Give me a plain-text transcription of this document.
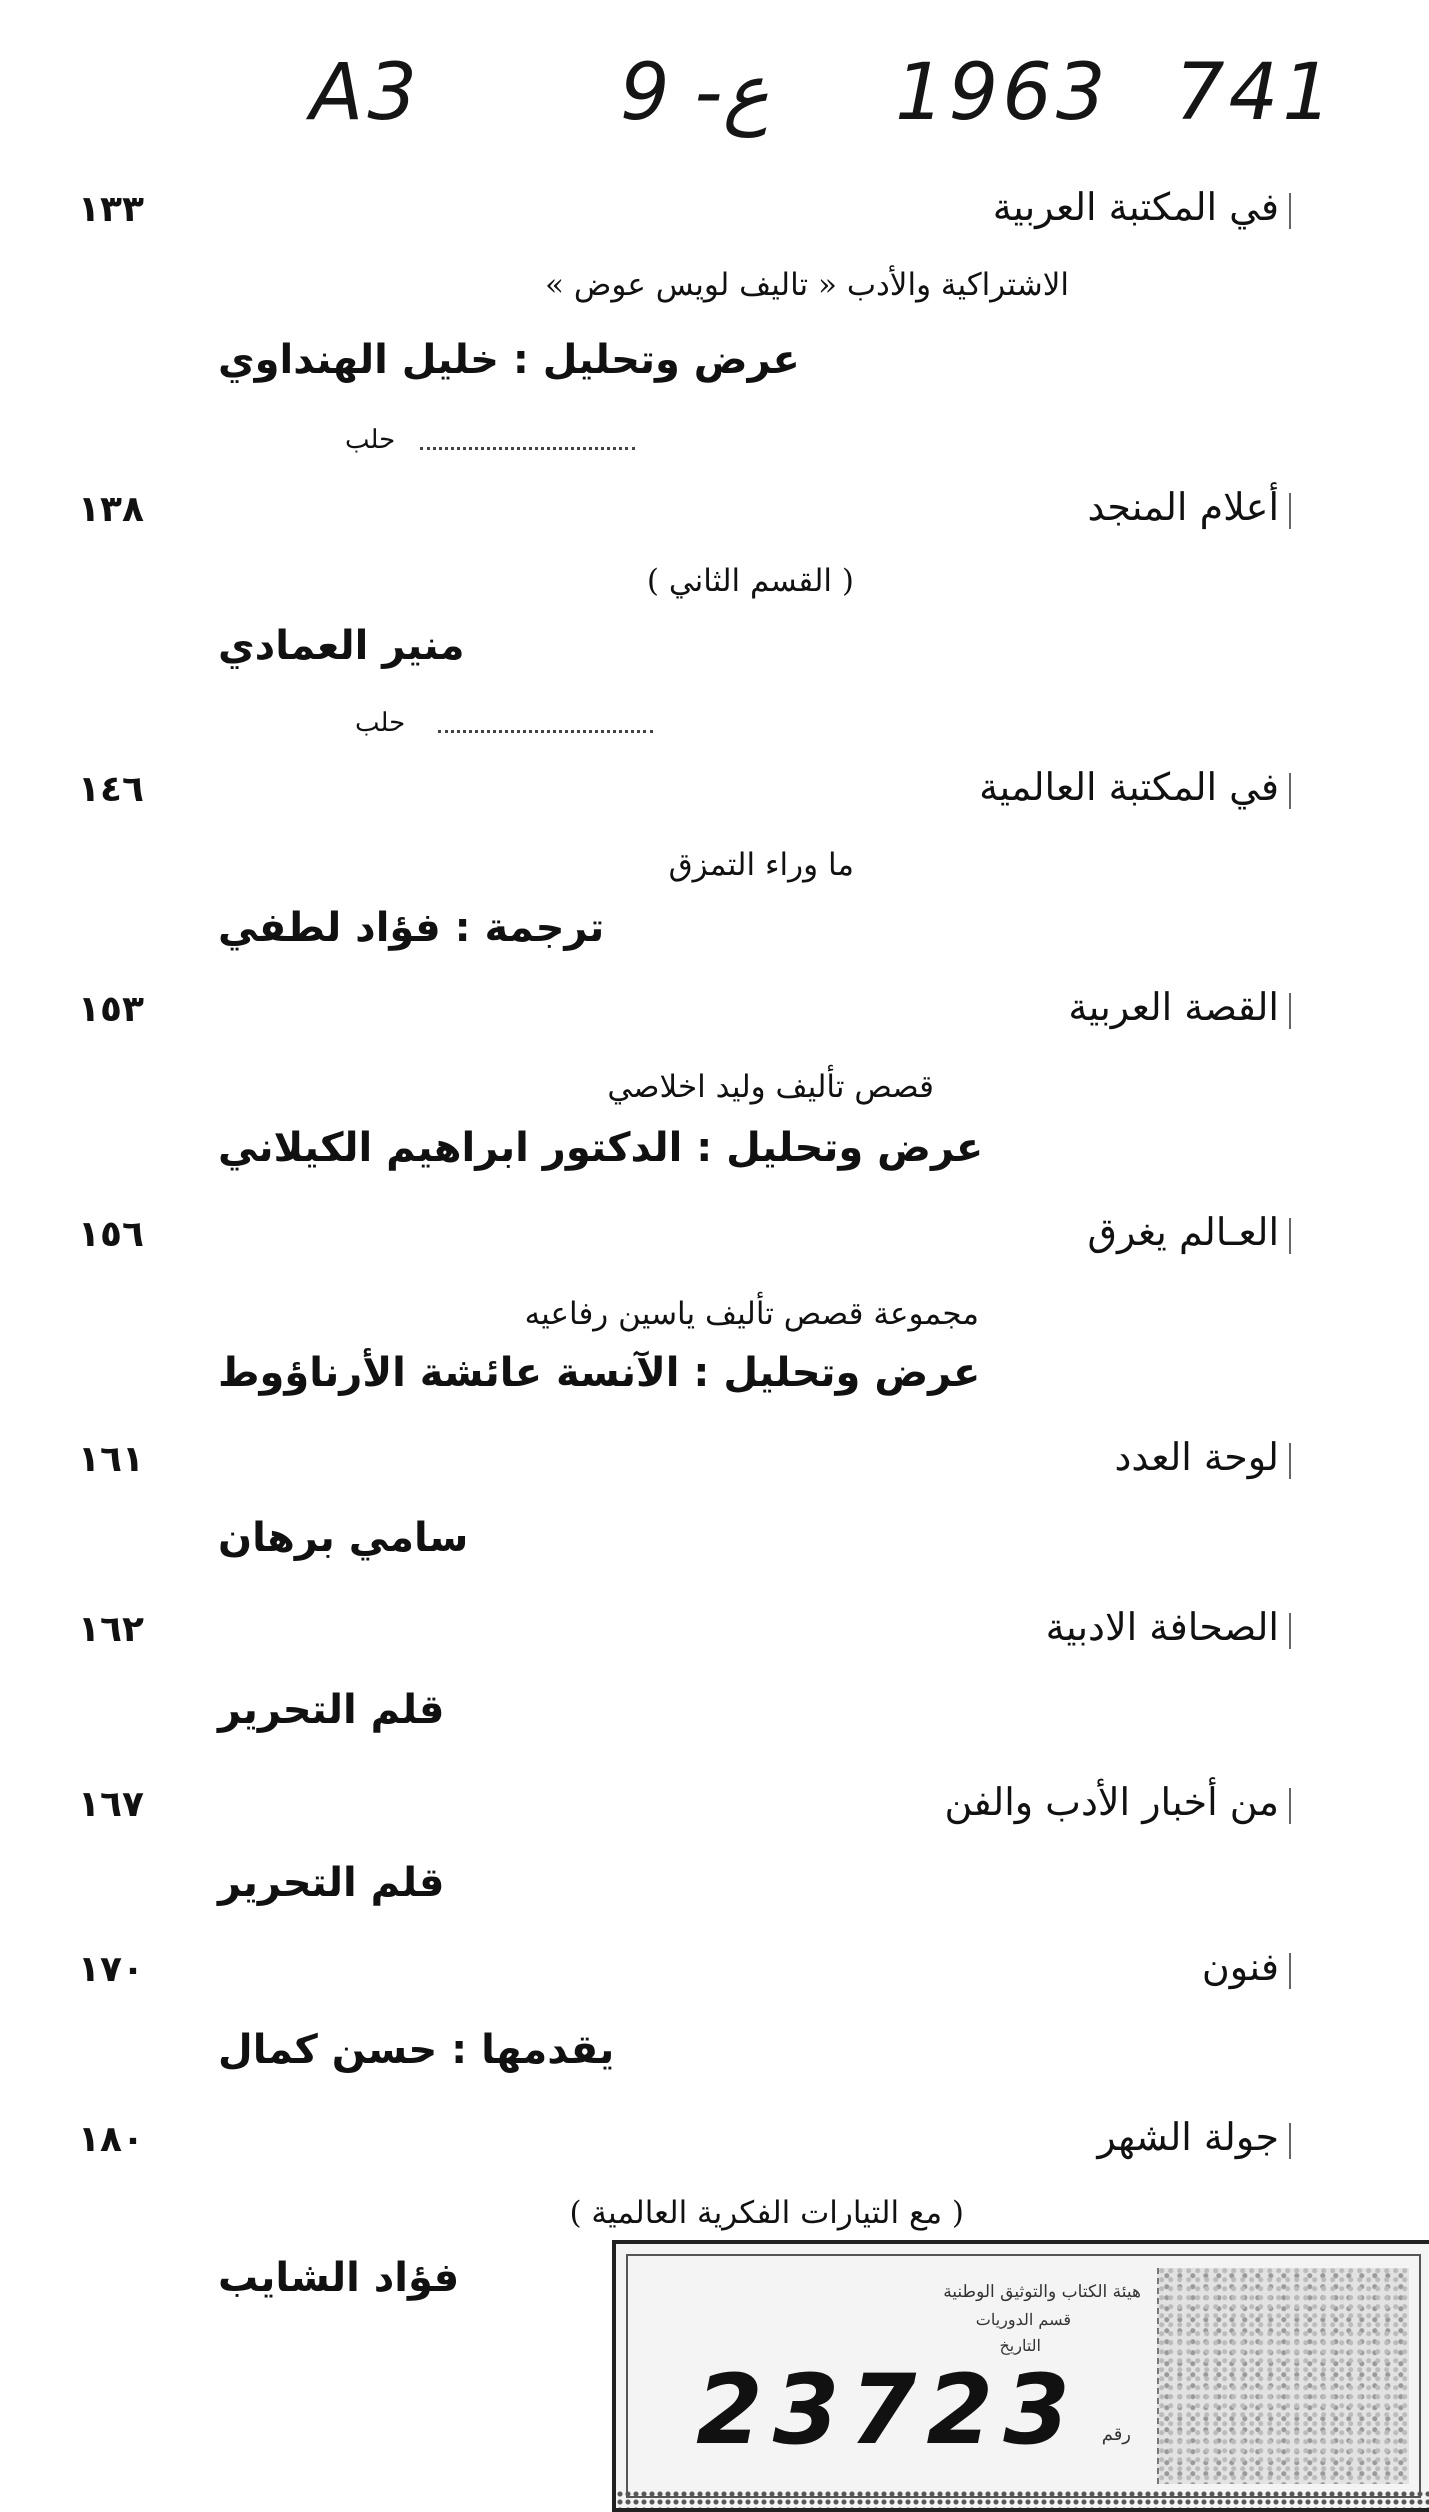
A3	9 -ع 1963 741
في المكتبة العربية
١٣٣
الاشتراكية والأدب « تاليف لويس عوض »
عرض وتحليل : خليل الهنداوي
حلب
أعلام المنجد
١٣٨
( القسم الثاني )
منير العمادي
حلب
في المكتبة العالمية
١٤٦
ما وراء التمزق
ترجمة : فؤاد لطفي
القصة العربية
١٥٣
قصص تأليف وليد اخلاصي
عرض وتحليل : الدكتور ابراهيم الكيلاني
العـالم يغرق
١٥٦
مجموعة قصص تأليف ياسين رفاعيه
عرض وتحليل : الآنسة عائشة الأرناؤوط
لوحة العدد
١٦١
سامي برهان
الصحافة الادبية
١٦٢
قلم التحرير
من أخبار الأدب والفن
١٦٧
قلم التحرير
فنون
١٧٠
يقدمها : حسن كمال
جولة الشهر
١٨٠
( مع التيارات الفكرية العالمية )
فؤاد الشايب	هيئة الكتاب والتوثيق الوطنية
قسم الدوريات
التاريخ
23723 رقم
